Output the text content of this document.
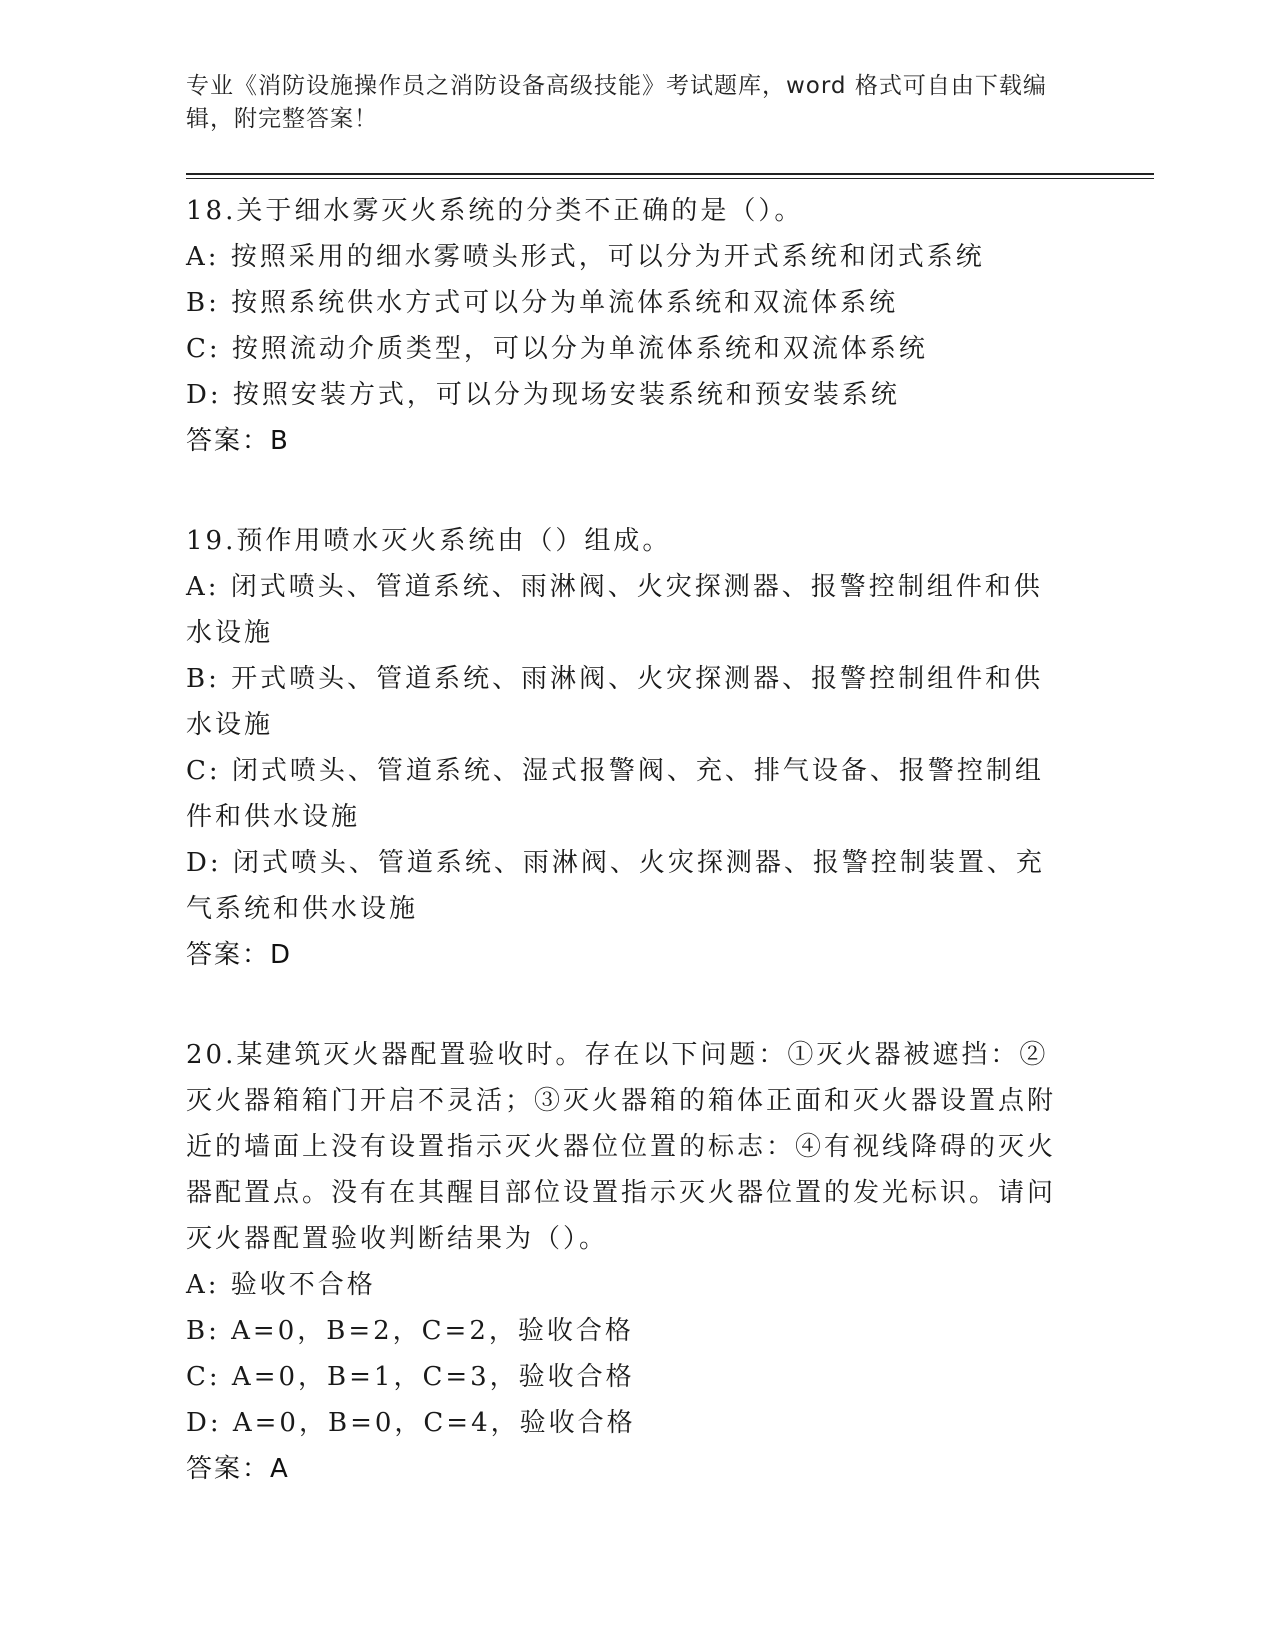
专业《消防设施操作员之消防设备高级技能》考试题库，word 格式可自由下载编辑，附完整答案！
18.关于细水雾灭火系统的分类不正确的是（）。
A: 按照采用的细水雾喷头形式，可以分为开式系统和闭式系统
B: 按照系统供水方式可以分为单流体系统和双流体系统
C: 按照流动介质类型，可以分为单流体系统和双流体系统
D: 按照安装方式，可以分为现场安装系统和预安装系统
答案：B
19.预作用喷水灭火系统由（）组成。
A: 闭式喷头、管道系统、雨淋阀、火灾探测器、报警控制组件和供水设施
B: 开式喷头、管道系统、雨淋阀、火灾探测器、报警控制组件和供水设施
C: 闭式喷头、管道系统、湿式报警阀、充、排气设备、报警控制组件和供水设施
D: 闭式喷头、管道系统、雨淋阀、火灾探测器、报警控制装置、充气系统和供水设施
答案：D
20.某建筑灭火器配置验收时。存在以下问题：①灭火器被遮挡：②灭火器箱箱门开启不灵活；③灭火器箱的箱体正面和灭火器设置点附近的墙面上没有设置指示灭火器位位置的标志：④有视线降碍的灭火器配置点。没有在其醒目部位设置指示灭火器位置的发光标识。请问灭火器配置验收判断结果为（）。
A: 验收不合格
B: A=0，B=2，C=2，验收合格
C: A=0，B=1，C=3，验收合格
D: A=0，B=0，C=4，验收合格
答案：A
